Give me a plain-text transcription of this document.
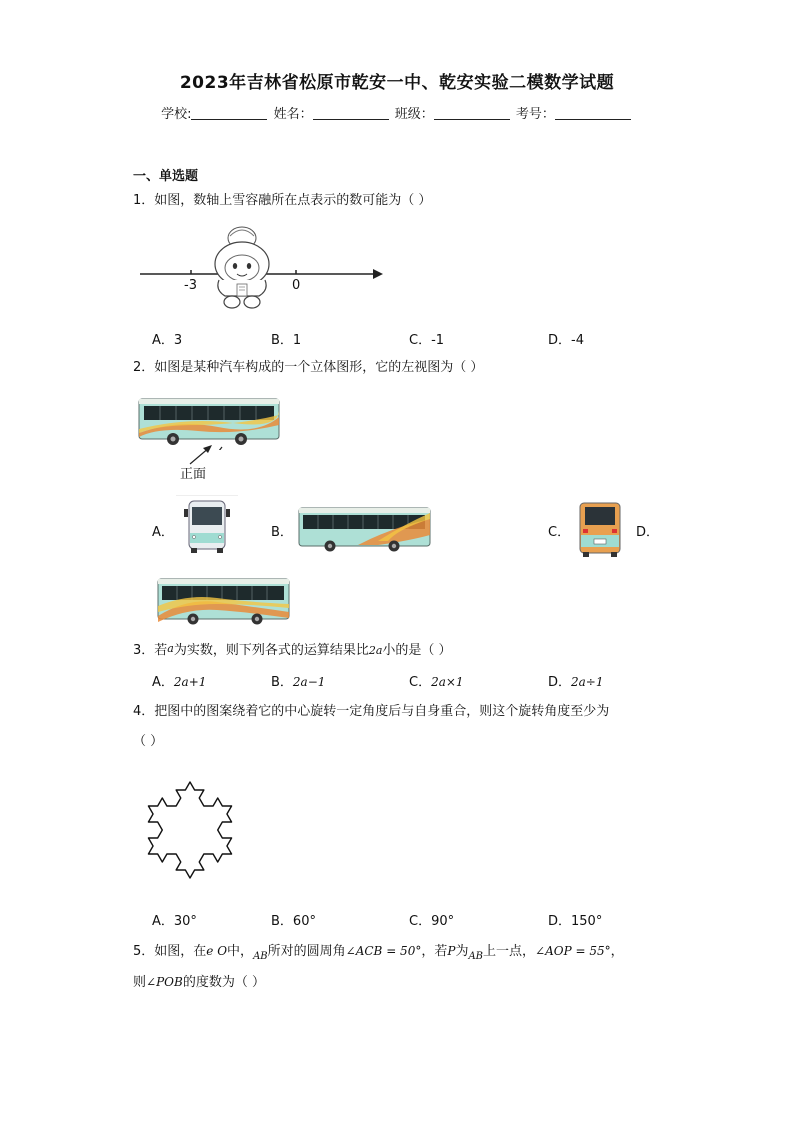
2023年吉林省松原市乾安一中、乾安实验二模数学试题
学校:	姓名：	班级：	考号：
一、单选题
1．如图，数轴上雪容融所在点表示的数可能为（ ）
-3	0
A．3	B．1	C．-1	D．-4
2．如图是某种汽车构成的一个立体图形，它的左视图为（ ）
正面
A．	B．	C．	D．
3．若a为实数，则下列各式的运算结果比2a小的是（ ）
A．2a+1	B．2a−1	C．2a×1	D．2a÷1
4．把图中的图案绕着它的中心旋转一定角度后与自身重合，则这个旋转角度至少为
（ ）
A．30°	B．60°	C．90°	D．150°
5．如图，在e O中，$_{AB}$所对的圆周角∠ACB = 50°，若P为$_{AB}$上一点，∠AOP = 55°，
则∠POB的度数为（ ）
